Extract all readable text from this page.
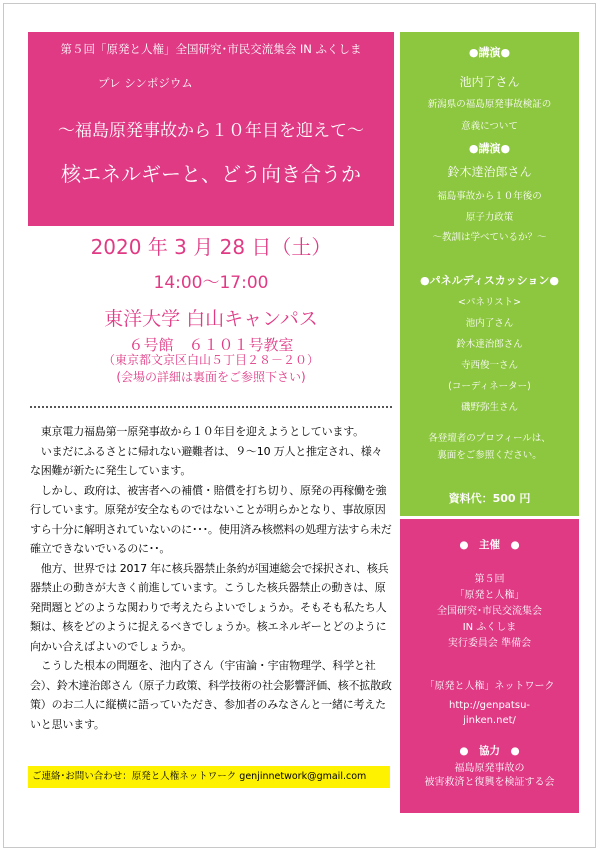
第５回「原発と人権」全国研究･市民交流集会 IN ふくしま
プレ シンポジウム
～福島原発事故から１０年目を迎えて～
核エネルギーと、どう向き合うか
2020 年 3 月 28 日（土）
14:00～17:00
東洋大学 白山キャンパス
６号館　６１０１号教室
（東京都文京区白山５丁目２８－２０）
(会場の詳細は裏面をご参照下さい)

　東京電力福島第一原発事故から１０年目を迎えようとしています。

　いまだにふるさとに帰れない避難者は、９～10 万人と推定され、様々な困難が新たに発生しています。

　しかし、政府は、被害者への補償・賠償を打ち切り、原発の再稼働を強行しています。原発が安全なものではないことが明らかとなり、事故原因すら十分に解明されていないのに･･･。使用済み核燃料の処理方法すら未だ確立できないでいるのに･･。

　他方、世界では 2017 年に核兵器禁止条約が国連総会で採択され、核兵器禁止の動きが大きく前進しています。こうした核兵器禁止の動きは、原発問題とどのような関わりで考えたらよいでしょうか。そもそも私たち人類は、核をどのように捉えるべきでしょうか。核エネルギーとどのように向かい合えばよいのでしょうか。

　こうした根本の問題を、池内了さん（宇宙論・宇宙物理学、科学と社会）、鈴木達治郎さん（原子力政策、科学技術の社会影響評価、核不拡散政策）のお二人に縦横に語っていただき、参加者のみなさんと一緒に考えたいと思います。

ご連絡･お問い合わせ：原発と人権ネットワーク genjinnetwork@gmail.com
●講演●
池内了さん
新潟県の福島原発事故検証の
意義について
●講演●
鈴木達治郎さん
福島事故から１０年後の
原子力政策
～教訓は学べているか？～
●パネルディスカッション●
<パネリスト>
池内了さん
鈴木達治郎さん
寺西俊一さん
(コーディネーター)
磯野弥生さん
各登壇者のプロフィールは、
裏面をご参照ください。
資料代：500 円
●　主催　●
第５回
「原発と人権」
全国研究･市民交流集会
IN ふくしま
実行委員会 準備会
「原発と人権」ネットワーク
http://genpatsu-
jinken.net/
●　協力　●
福島原発事故の
被害救済と復興を検証する会
